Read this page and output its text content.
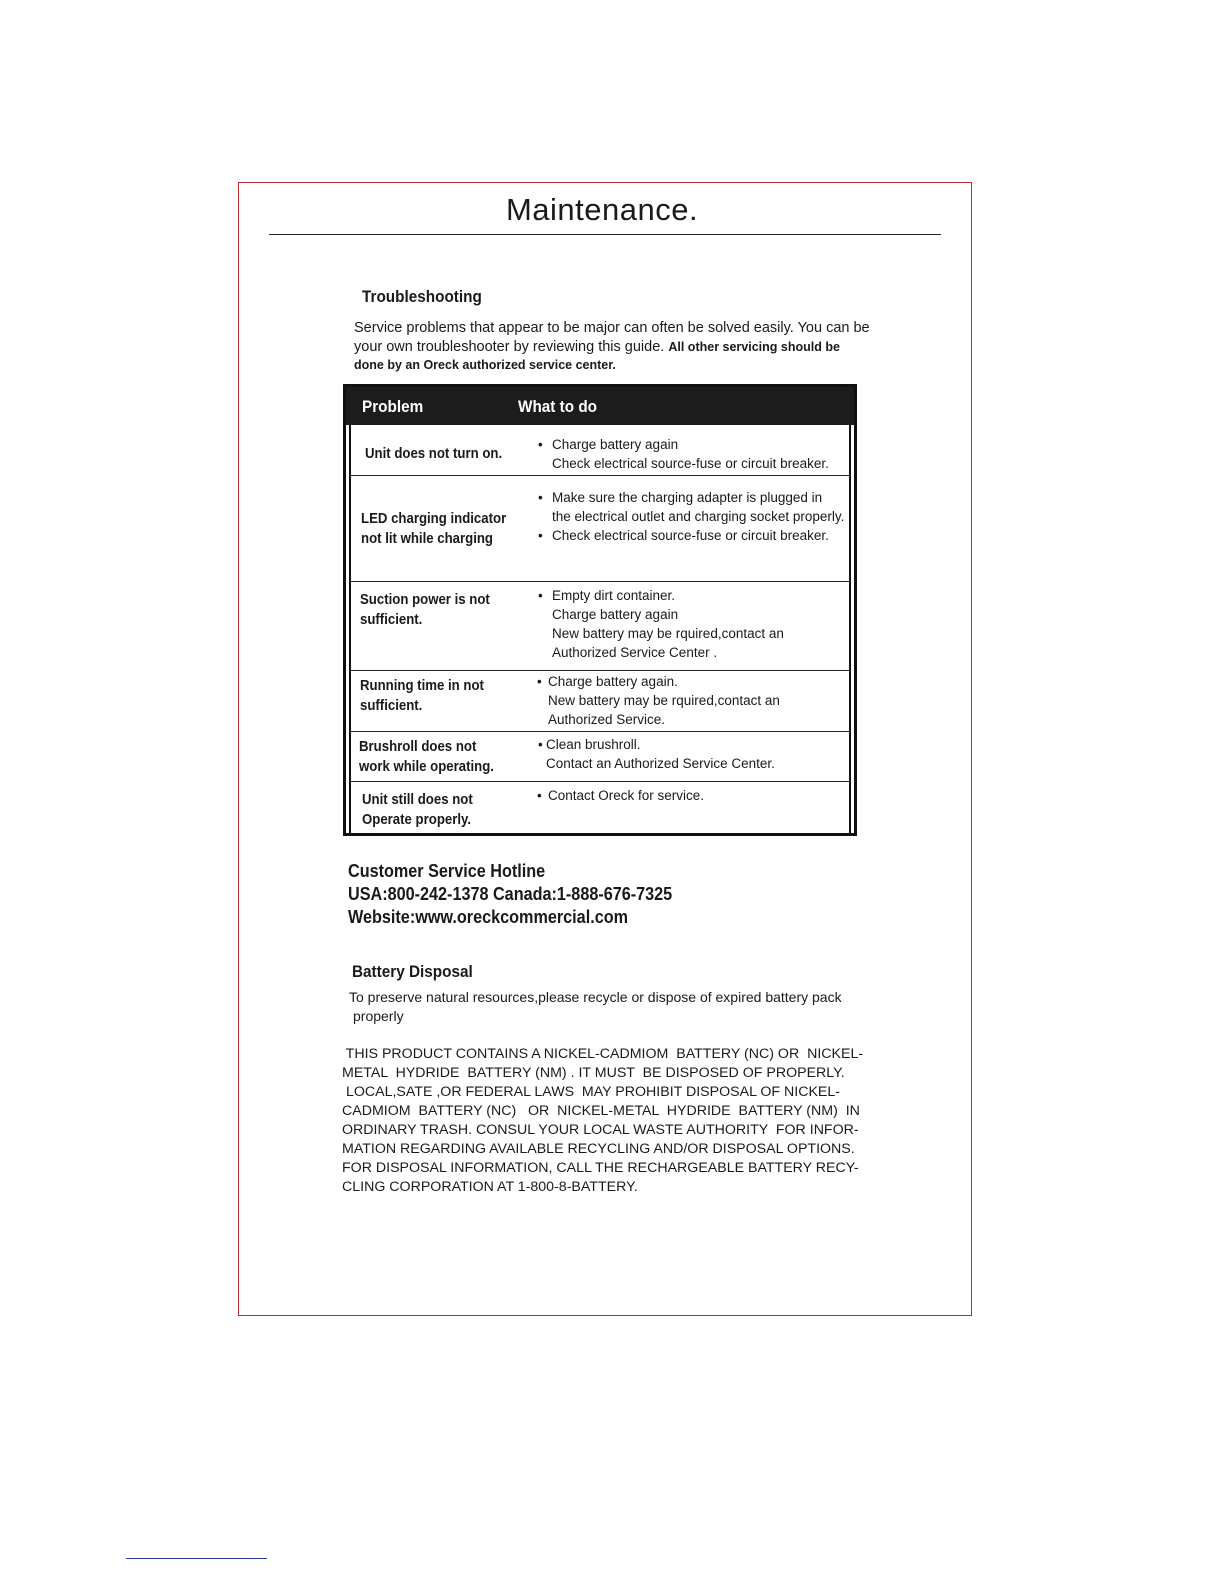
Maintenance.
Troubleshooting
Service problems that appear to be major can often be solved easily. You can be
your own troubleshooter by reviewing this guide. All other servicing should be
done by an Oreck authorized service center.
Problem	What to do
Unit does not turn on.
• Charge battery again
Check electrical source-fuse or circuit breaker.
LED charging indicator
not lit while charging
• Make sure the charging adapter is plugged in
the electrical outlet and charging socket properly.
• Check electrical source-fuse or circuit breaker.
Suction power is not
sufficient.
• Empty dirt container.
Charge battery again
New battery may be rquired,contact an
Authorized Service Center .
Running time in not
sufficient.
• Charge battery again.
New battery may be rquired,contact an
Authorized Service.
Brushroll does not
work while operating.
• Clean brushroll.
Contact an Authorized Service Center.
Unit still does not
Operate properly.
• Contact Oreck for service.
Customer Service Hotline
USA:800-242-1378 Canada:1-888-676-7325
Website:www.oreckcommercial.com
Battery Disposal
To preserve natural resources,please recycle or dispose of expired battery pack
properly
THIS PRODUCT CONTAINS A NICKEL-CADMIOM  BATTERY (NC) OR  NICKEL-
METAL  HYDRIDE  BATTERY (NM) . IT MUST  BE DISPOSED OF PROPERLY.
LOCAL,SATE ,OR FEDERAL LAWS  MAY PROHIBIT DISPOSAL OF NICKEL-
CADMIOM  BATTERY (NC)   OR  NICKEL-METAL  HYDRIDE  BATTERY (NM)  IN
ORDINARY TRASH. CONSUL YOUR LOCAL WASTE AUTHORITY  FOR INFOR-
MATION REGARDING AVAILABLE RECYCLING AND/OR DISPOSAL OPTIONS.
FOR DISPOSAL INFORMATION, CALL THE RECHARGEABLE BATTERY RECY-
CLING CORPORATION AT 1-800-8-BATTERY.
